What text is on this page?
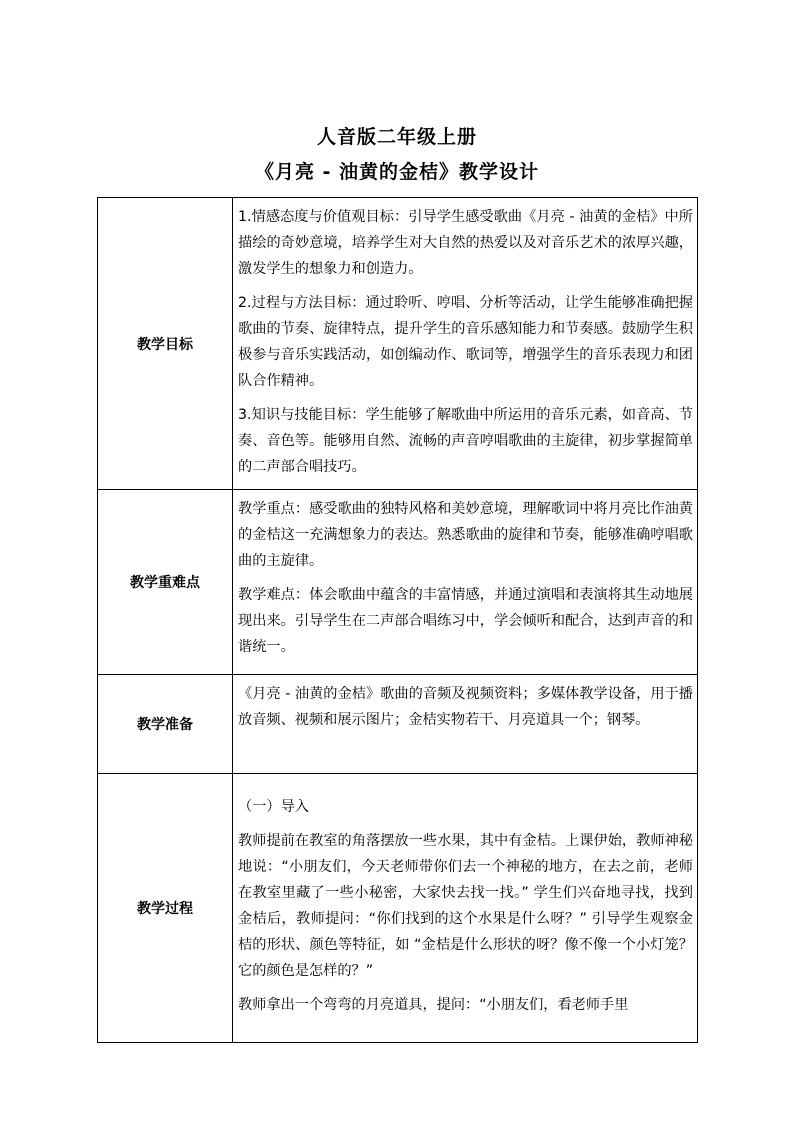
人音版二年级上册
《月亮 - 油黄的金桔》教学设计
教学目标	1.情感态度与价值观目标：引导学生感受歌曲《月亮 - 油黄的金桔》中所描绘的奇妙意境，培养学生对大自然的热爱以及对音乐艺术的浓厚兴趣，激发学生的想象力和创造力。

2.过程与方法目标：通过聆听、哼唱、分析等活动，让学生能够准确把握歌曲的节奏、旋律特点，提升学生的音乐感知能力和节奏感。鼓励学生积极参与音乐实践活动，如创编动作、歌词等，增强学生的音乐表现力和团队合作精神。

3.知识与技能目标：学生能够了解歌曲中所运用的音乐元素，如音高、节奏、音色等。能够用自然、流畅的声音哼唱歌曲的主旋律，初步掌握简单的二声部合唱技巧。

教学重难点	教学重点：感受歌曲的独特风格和美妙意境，理解歌词中将月亮比作油黄的金桔这一充满想象力的表达。熟悉歌曲的旋律和节奏，能够准确哼唱歌曲的主旋律。

教学难点：体会歌曲中蕴含的丰富情感，并通过演唱和表演将其生动地展现出来。引导学生在二声部合唱练习中，学会倾听和配合，达到声音的和谐统一。

教学准备	《月亮 - 油黄的金桔》歌曲的音频及视频资料；多媒体教学设备，用于播放音频、视频和展示图片；金桔实物若干、月亮道具一个；钢琴。

教学过程	（一）导入

教师提前在教室的角落摆放一些水果，其中有金桔。上课伊始，教师神秘地说：“小朋友们，今天老师带你们去一个神秘的地方，在去之前，老师在教室里藏了一些小秘密，大家快去找一找。” 学生们兴奋地寻找，找到金桔后，教师提问：“你们找到的这个水果是什么呀？” 引导学生观察金桔的形状、颜色等特征，如 “金桔是什么形状的呀？像不像一个小灯笼？它的颜色是怎样的？”

教师拿出一个弯弯的月亮道具，提问：“小朋友们，看老师手里
